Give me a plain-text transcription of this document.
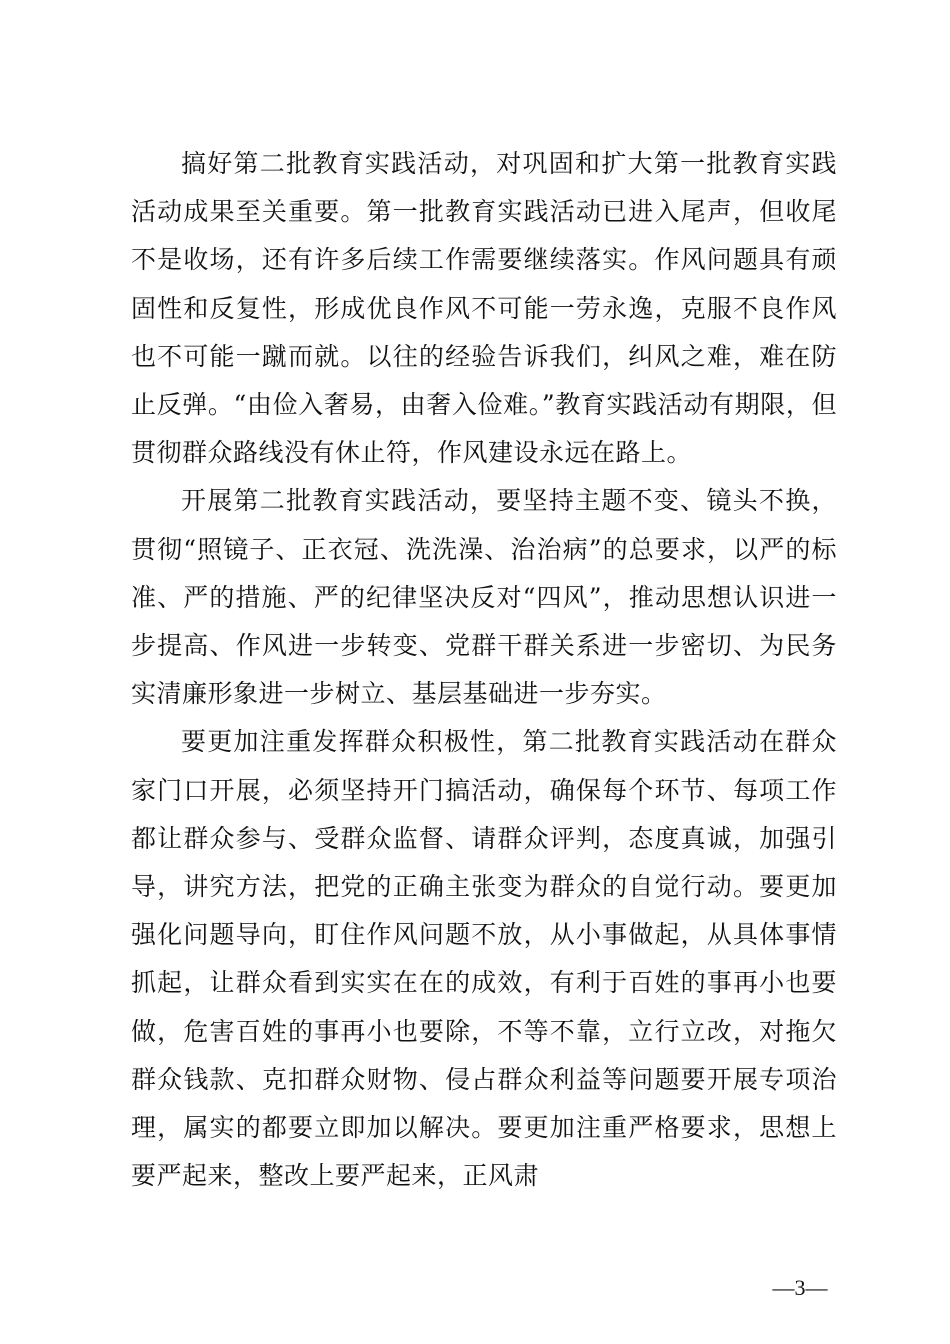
搞好第二批教育实践活动，对巩固和扩大第一批教育实践活动成果至关重要。第一批教育实践活动已进入尾声，但收尾不是收场，还有许多后续工作需要继续落实。作风问题具有顽固性和反复性，形成优良作风不可能一劳永逸，克服不良作风也不可能一蹴而就。以往的经验告诉我们，纠风之难，难在防止反弹。“由俭入奢易，由奢入俭难。”教育实践活动有期限，但贯彻群众路线没有休止符，作风建设永远在路上。

开展第二批教育实践活动，要坚持主题不变、镜头不换，贯彻“照镜子、正衣冠、洗洗澡、治治病”的总要求，以严的标准、严的措施、严的纪律坚决反对“四风”，推动思想认识进一步提高、作风进一步转变、党群干群关系进一步密切、为民务实清廉形象进一步树立、基层基础进一步夯实。

要更加注重发挥群众积极性，第二批教育实践活动在群众家门口开展，必须坚持开门搞活动，确保每个环节、每项工作都让群众参与、受群众监督、请群众评判，态度真诚，加强引导，讲究方法，把党的正确主张变为群众的自觉行动。要更加强化问题导向，盯住作风问题不放，从小事做起，从具体事情抓起，让群众看到实实在在的成效，有利于百姓的事再小也要做，危害百姓的事再小也要除，不等不靠，立行立改，对拖欠群众钱款、克扣群众财物、侵占群众利益等问题要开展专项治理，属实的都要立即加以解决。要更加注重严格要求，思想上要严起来，整改上要严起来，正风肃

—3—
